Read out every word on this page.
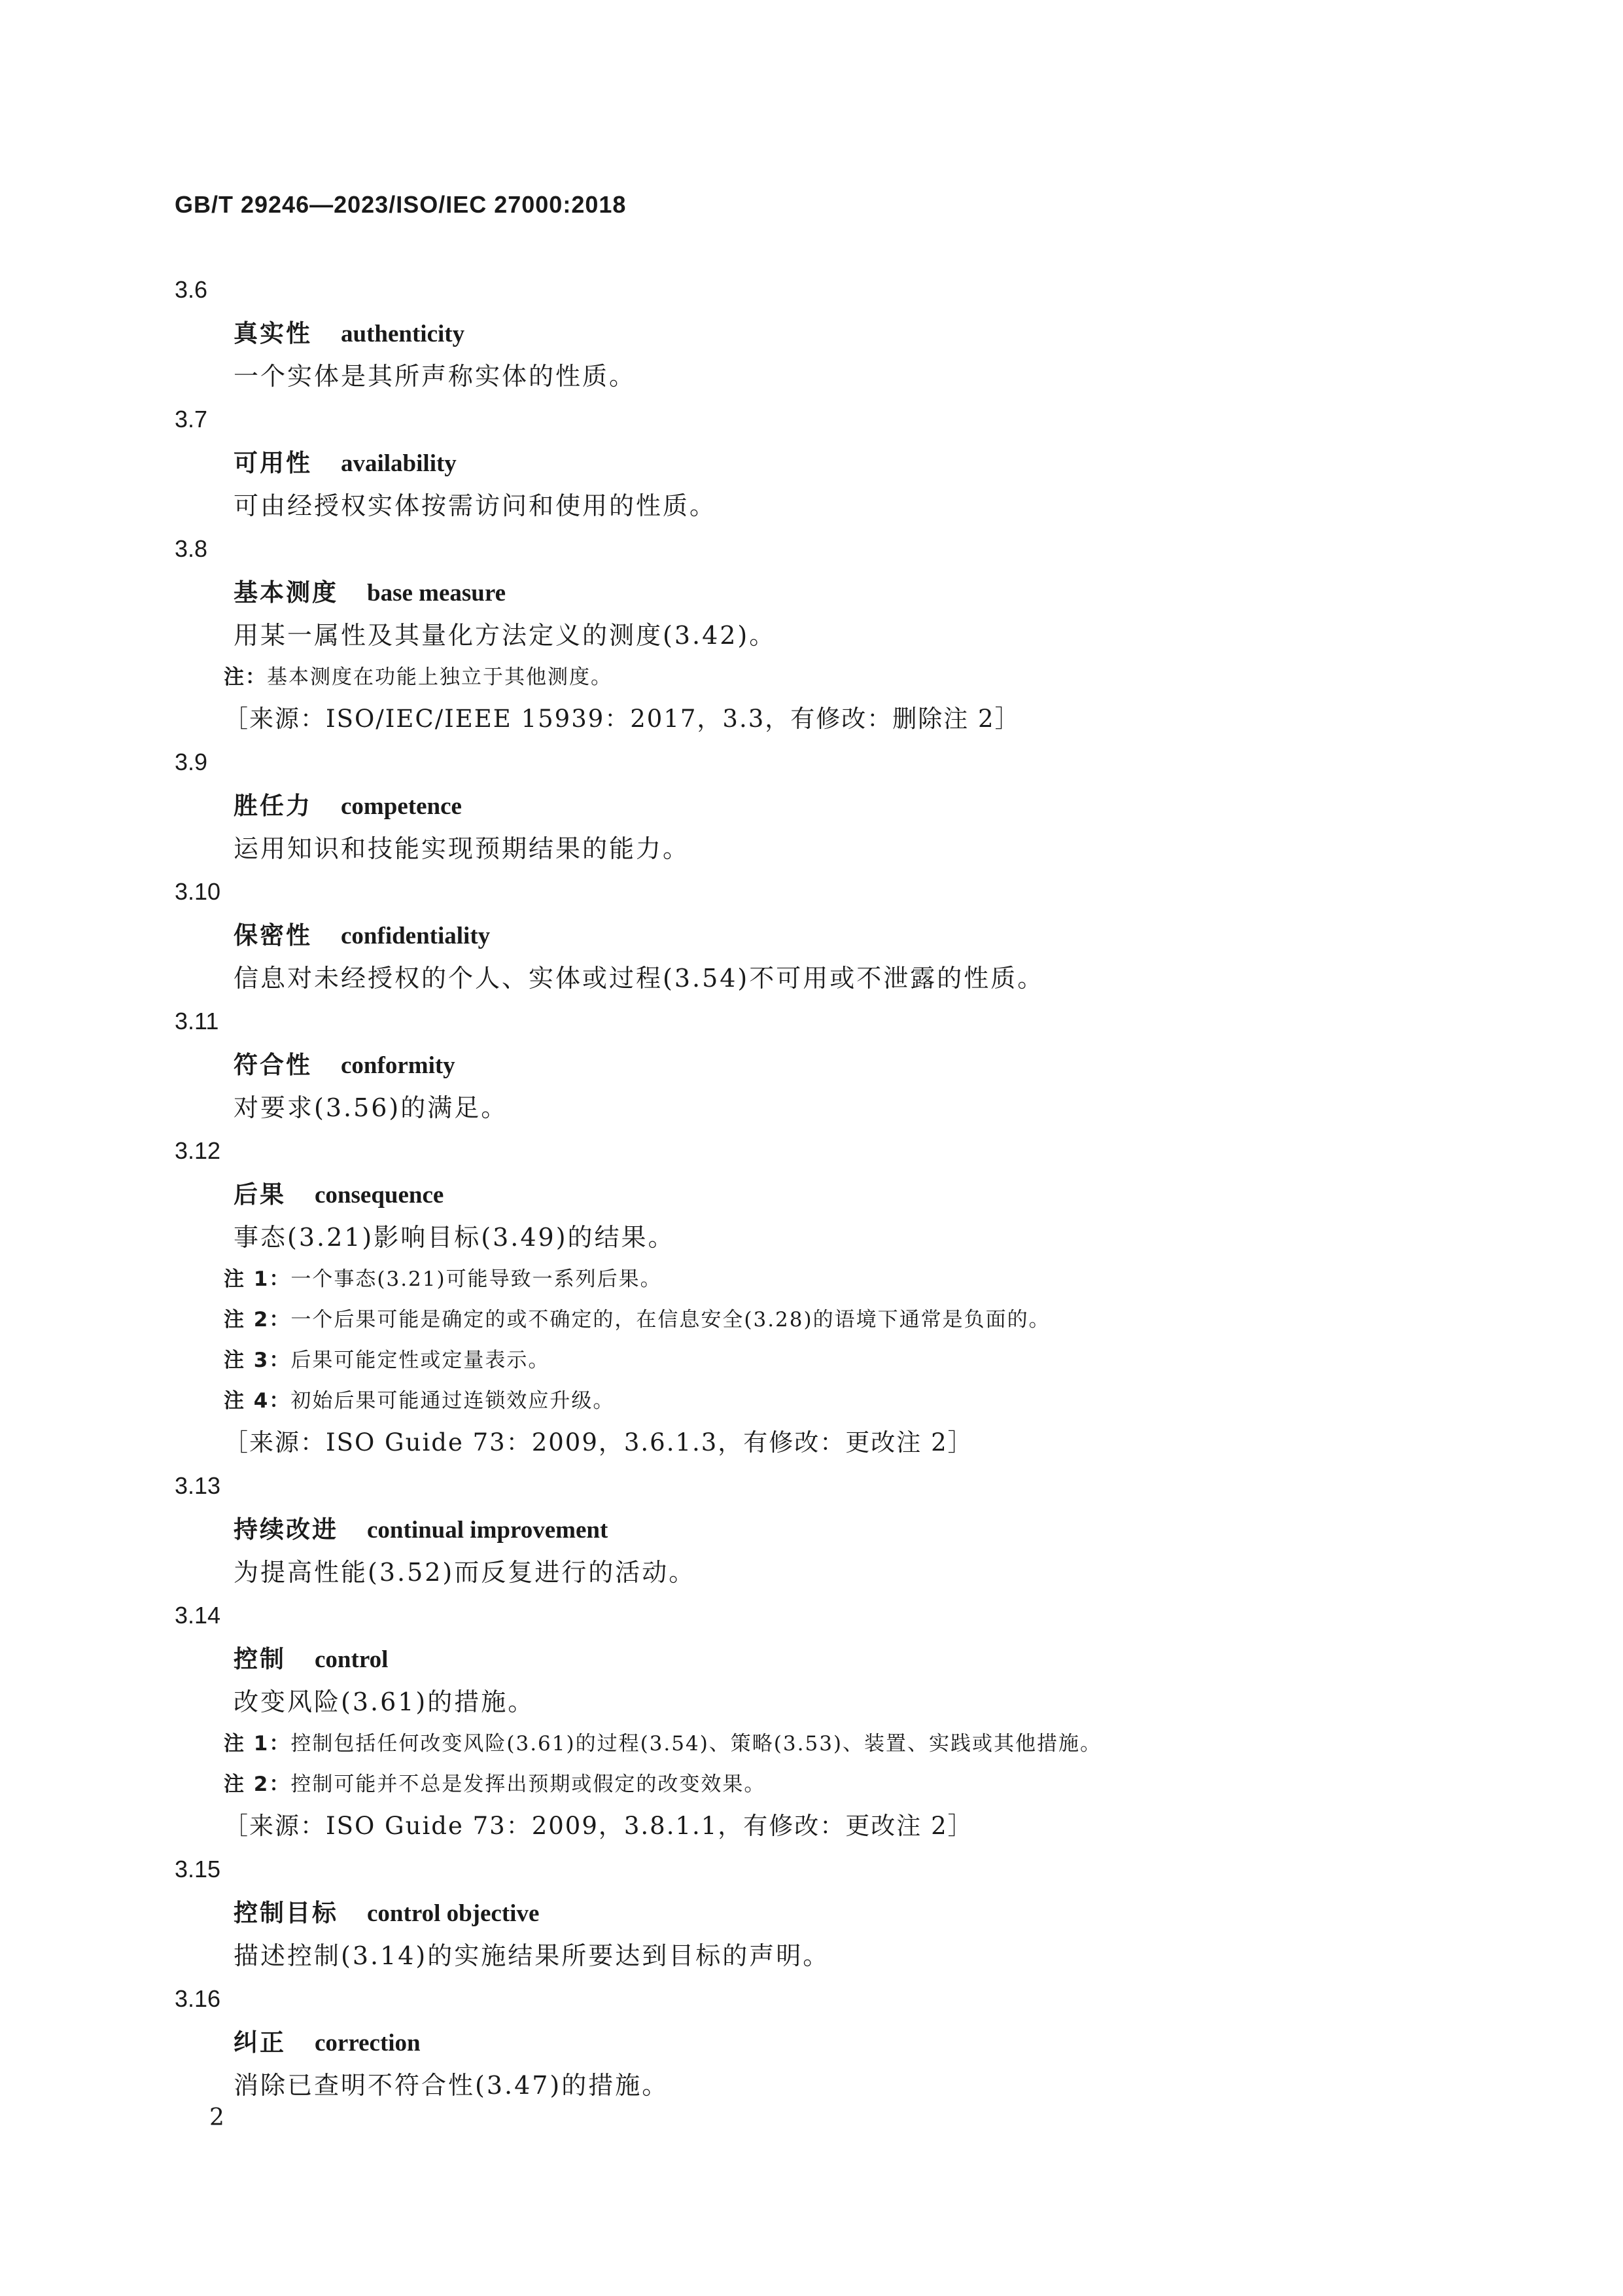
GB/T 29246—2023/ISO/IEC 27000:2018
3.6
真实性 authenticity
一个实体是其所声称实体的性质。
3.7
可用性 availability
可由经授权实体按需访问和使用的性质。
3.8
基本测度 base measure
用某一属性及其量化方法定义的测度(3.42)。
注：基本测度在功能上独立于其他测度。
［来源：ISO/IEC/IEEE 15939：2017，3.3，有修改：删除注 2］
3.9
胜任力 competence
运用知识和技能实现预期结果的能力。
3.10
保密性 confidentiality
信息对未经授权的个人、实体或过程(3.54)不可用或不泄露的性质。
3.11
符合性 conformity
对要求(3.56)的满足。
3.12
后果 consequence
事态(3.21)影响目标(3.49)的结果。
注 1：一个事态(3.21)可能导致一系列后果。
注 2：一个后果可能是确定的或不确定的，在信息安全(3.28)的语境下通常是负面的。
注 3：后果可能定性或定量表示。
注 4：初始后果可能通过连锁效应升级。
［来源：ISO Guide 73：2009，3.6.1.3，有修改：更改注 2］
3.13
持续改进 continual improvement
为提高性能(3.52)而反复进行的活动。
3.14
控制 control
改变风险(3.61)的措施。
注 1：控制包括任何改变风险(3.61)的过程(3.54)、策略(3.53)、装置、实践或其他措施。
注 2：控制可能并不总是发挥出预期或假定的改变效果。
［来源：ISO Guide 73：2009，3.8.1.1，有修改：更改注 2］
3.15
控制目标 control objective
描述控制(3.14)的实施结果所要达到目标的声明。
3.16
纠正 correction
消除已查明不符合性(3.47)的措施。
2
